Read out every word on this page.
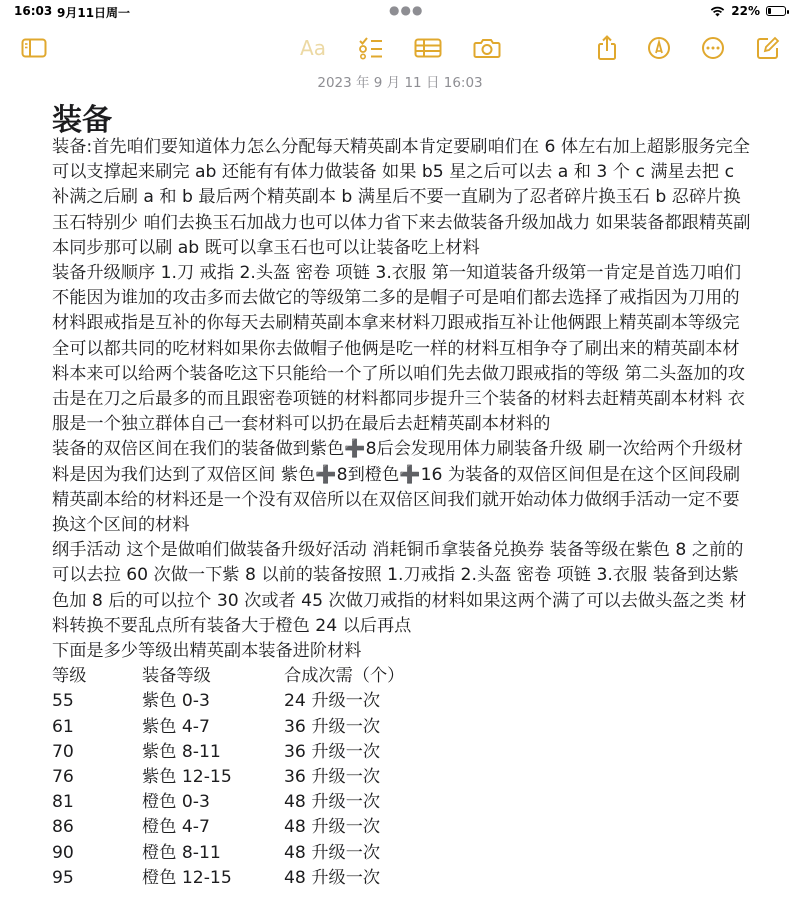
16:03 9月11日周一	●●●	22%
Aa
2023 年 9 月 11 日 16:03
装备

装备:首先咱们要知道体力怎么分配每天精英副本肯定要刷咱们在 6 体左右加上超影服务完全可以支撑起来刷完 ab 还能有有体力做装备 如果 b5 星之后可以去 a 和 3 个 c 满星去把 c 补满之后刷 a 和 b 最后两个精英副本 b 满星后不要一直刷为了忍者碎片换玉石 b 忍碎片换玉石特别少 咱们去换玉石加战力也可以体力省下来去做装备升级加战力 如果装备都跟精英副本同步那可以刷 ab 既可以拿玉石也可以让装备吃上材料

装备升级顺序 1.刀 戒指 2.头盔 密卷 项链 3.衣服 第一知道装备升级第一肯定是首选刀咱们不能因为谁加的攻击多而去做它的等级第二多的是帽子可是咱们都去选择了戒指因为刀用的材料跟戒指是互补的你每天去刷精英副本拿来材料刀跟戒指互补让他俩跟上精英副本等级完全可以都共同的吃材料如果你去做帽子他俩是吃一样的材料互相争夺了刷出来的精英副本材料本来可以给两个装备吃这下只能给一个了所以咱们先去做刀跟戒指的等级 第二头盔加的攻击是在刀之后最多的而且跟密卷项链的材料都同步提升三个装备的材料去赶精英副本材料 衣服是一个独立群体自己一套材料可以扔在最后去赶精英副本材料的

装备的双倍区间在我们的装备做到紫色➕8后会发现用体力刷装备升级 刷一次给两个升级材料是因为我们达到了双倍区间 紫色➕8到橙色➕16 为装备的双倍区间但是在这个区间段刷精英副本给的材料还是一个没有双倍所以在双倍区间我们就开始动体力做纲手活动一定不要换这个区间的材料

纲手活动 这个是做咱们做装备升级好活动 消耗铜币拿装备兑换券 装备等级在紫色 8 之前的可以去拉 60 次做一下紫 8 以前的装备按照 1.刀戒指 2.头盔 密卷 项链 3.衣服 装备到达紫色加 8 后的可以拉个 30 次或者 45 次做刀戒指的材料如果这两个满了可以去做头盔之类 材料转换不要乱点所有装备大于橙色 24 以后再点

下面是多少等级出精英副本装备进阶材料

等级	装备等级	合成次需（个）
55	紫色 0-3	24 升级一次
61	紫色 4-7	36 升级一次
70	紫色 8-11	36 升级一次
76	紫色 12-15	36 升级一次
81	橙色 0-3	48 升级一次
86	橙色 4-7	48 升级一次
90	橙色 8-11	48 升级一次
95	橙色 12-15	48 升级一次
